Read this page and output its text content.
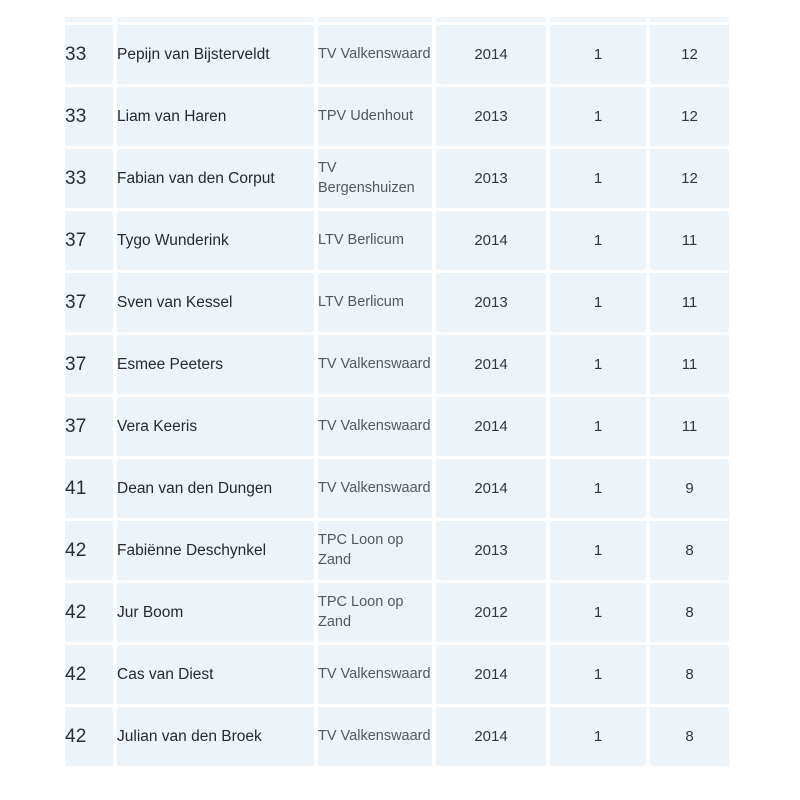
33	Pepijn van Bijsterveldt	TV Valkenswaard	2014	1	12
33	Liam van Haren	TPV Udenhout	2013	1	12
33	Fabian van den Corput	TV Bergenshuizen	2013	1	12
37	Tygo Wunderink	LTV Berlicum	2014	1	11
37	Sven van Kessel	LTV Berlicum	2013	1	11
37	Esmee Peeters	TV Valkenswaard	2014	1	11
37	Vera Keeris	TV Valkenswaard	2014	1	11
41	Dean van den Dungen	TV Valkenswaard	2014	1	9
42	Fabiënne Deschynkel	TPC Loon op Zand	2013	1	8
42	Jur Boom	TPC Loon op Zand	2012	1	8
42	Cas van Diest	TV Valkenswaard	2014	1	8
42	Julian van den Broek	TV Valkenswaard	2014	1	8
